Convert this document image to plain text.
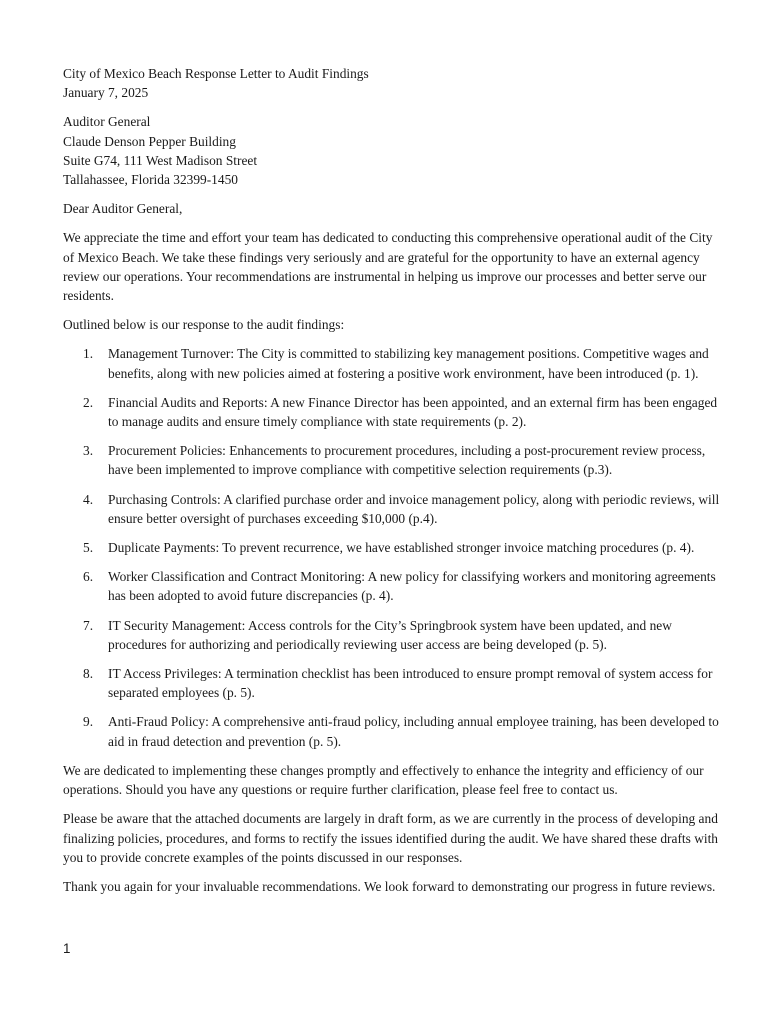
City of Mexico Beach Response Letter to Audit Findings
January 7, 2025
Auditor General
Claude Denson Pepper Building
Suite G74, 111 West Madison Street
Tallahassee, Florida 32399-1450

Dear Auditor General,

We appreciate the time and effort your team has dedicated to conducting this comprehensive operational audit of the City of Mexico Beach. We take these findings very seriously and are grateful for the opportunity to have an external agency review our operations. Your recommendations are instrumental in helping us improve our processes and better serve our residents.

Outlined below is our response to the audit findings:

1. Management Turnover: The City is committed to stabilizing key management positions. Competitive wages and benefits, along with new policies aimed at fostering a positive work environment, have been introduced (p. 1).
2. Financial Audits and Reports: A new Finance Director has been appointed, and an external firm has been engaged to manage audits and ensure timely compliance with state requirements (p. 2).
3. Procurement Policies: Enhancements to procurement procedures, including a post-procurement review process, have been implemented to improve compliance with competitive selection requirements (p.3).
4. Purchasing Controls: A clarified purchase order and invoice management policy, along with periodic reviews, will ensure better oversight of purchases exceeding $10,000 (p.4).
5. Duplicate Payments: To prevent recurrence, we have established stronger invoice matching procedures (p. 4).
6. Worker Classification and Contract Monitoring: A new policy for classifying workers and monitoring agreements has been adopted to avoid future discrepancies (p. 4).
7. IT Security Management: Access controls for the City’s Springbrook system have been updated, and new procedures for authorizing and periodically reviewing user access are being developed (p. 5).
8. IT Access Privileges: A termination checklist has been introduced to ensure prompt removal of system access for separated employees (p. 5).
9. Anti-Fraud Policy: A comprehensive anti-fraud policy, including annual employee training, has been developed to aid in fraud detection and prevention (p. 5).

We are dedicated to implementing these changes promptly and effectively to enhance the integrity and efficiency of our operations. Should you have any questions or require further clarification, please feel free to contact us.

Please be aware that the attached documents are largely in draft form, as we are currently in the process of developing and finalizing policies, procedures, and forms to rectify the issues identified during the audit. We have shared these drafts with you to provide concrete examples of the points discussed in our responses.

Thank you again for your invaluable recommendations. We look forward to demonstrating our progress in future reviews.

1
